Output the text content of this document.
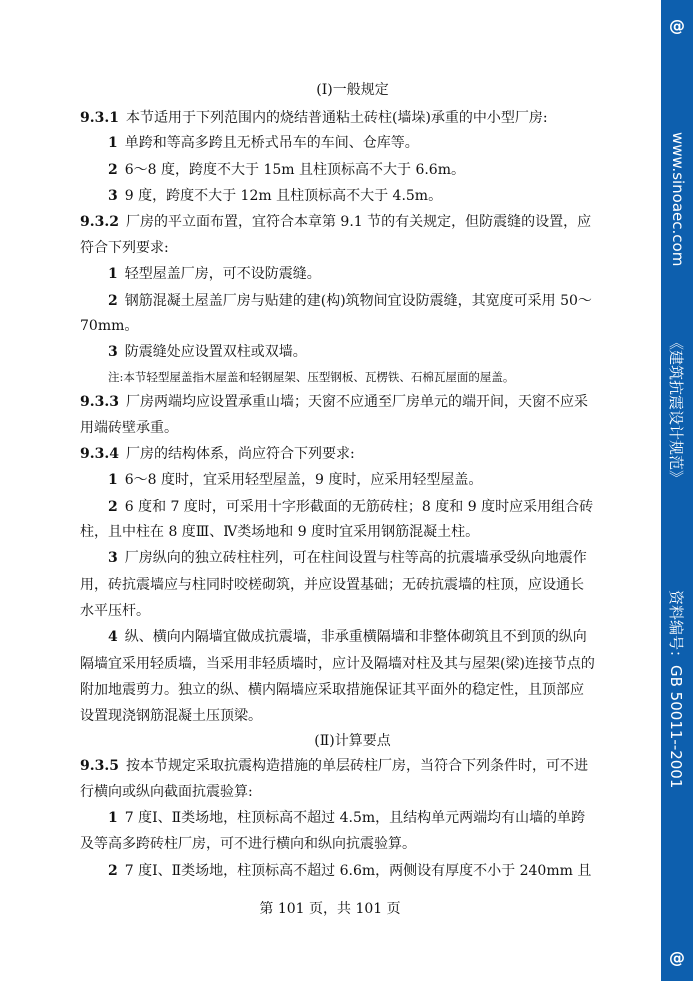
(I)一般规定
9.3.1  本节适用于下列范围内的烧结普通粘土砖柱(墙垛)承重的中小型厂房:
1  单跨和等高多跨且无桥式吊车的车间、仓库等。
2  6～8 度，跨度不大于 15m 且柱顶标高不大于 6.6m。
3  9 度，跨度不大于 12m 且柱顶标高不大于 4.5m。
9.3.2  厂房的平立面布置，宜符合本章第 9.1 节的有关规定，但防震缝的设置，应
符合下列要求:
1  轻型屋盖厂房，可不设防震缝。
2  钢筋混凝土屋盖厂房与贴建的建(构)筑物间宜设防震缝，其宽度可采用 50～
70mm。
3  防震缝处应设置双柱或双墙。
注:本节轻型屋盖指木屋盖和轻钢屋架、压型钢板、瓦楞铁、石棉瓦屋面的屋盖。
9.3.3  厂房两端均应设置承重山墙；天窗不应通至厂房单元的端开间，天窗不应采
用端砖壁承重。
9.3.4  厂房的结构体系，尚应符合下列要求:
1  6～8 度时，宜采用轻型屋盖，9 度时，应采用轻型屋盖。
2  6 度和 7 度时，可采用十字形截面的无筋砖柱；8 度和 9 度时应采用组合砖
柱，且中柱在 8 度Ⅲ、Ⅳ类场地和 9 度时宜采用钢筋混凝土柱。
3  厂房纵向的独立砖柱柱列，可在柱间设置与柱等高的抗震墙承受纵向地震作
用，砖抗震墙应与柱同时咬槎砌筑，并应设置基础；无砖抗震墙的柱顶，应设通长
水平压杆。
4  纵、横向内隔墙宜做成抗震墙，非承重横隔墙和非整体砌筑且不到顶的纵向
隔墙宜采用轻质墙，当采用非轻质墙时，应计及隔墙对柱及其与屋架(梁)连接节点的
附加地震剪力。独立的纵、横内隔墙应采取措施保证其平面外的稳定性，且顶部应
设置现浇钢筋混凝土压顶梁。
9.3.5  按本节规定采取抗震构造措施的单层砖柱厂房，当符合下列条件时，可不进
行横向或纵向截面抗震验算:
1  7 度Ⅰ、Ⅱ类场地，柱顶标高不超过 4.5m，且结构单元两端均有山墙的单跨
及等高多跨砖柱厂房，可不进行横向和纵向抗震验算。
2  7 度Ⅰ、Ⅱ类场地，柱顶标高不超过 6.6m，两侧设有厚度不小于 240mm 且
(Ⅱ)计算要点
第 101 页，共 101 页
@
www.sinoaec.com
《建筑抗震设计规范》
资料编号：GB 50011--2001
@
